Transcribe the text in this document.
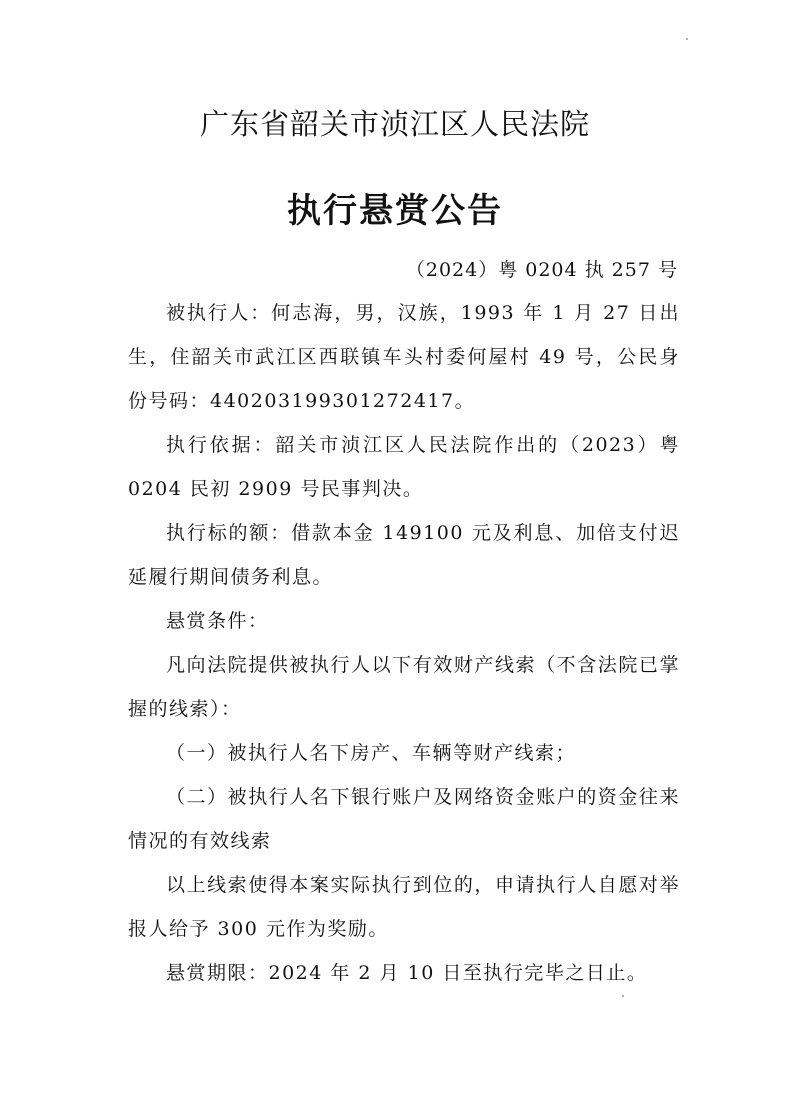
广东省韶关市浈江区人民法院
执行悬赏公告
（2024）粤 0204 执 257 号

被执行人：何志海，男，汉族，1993 年 1 月 27 日出生，住韶关市武江区西联镇车头村委何屋村 49 号，公民身份号码：440203199301272417。

执行依据：韶关市浈江区人民法院作出的（2023）粤 0204 民初 2909 号民事判决。

执行标的额：借款本金 149100 元及利息、加倍支付迟延履行期间债务利息。

悬赏条件：

凡向法院提供被执行人以下有效财产线索（不含法院已掌握的线索）：

（一）被执行人名下房产、车辆等财产线索；

（二）被执行人名下银行账户及网络资金账户的资金往来情况的有效线索

以上线索使得本案实际执行到位的，申请执行人自愿对举报人给予 300 元作为奖励。

悬赏期限：2024 年 2 月 10 日至执行完毕之日止。
